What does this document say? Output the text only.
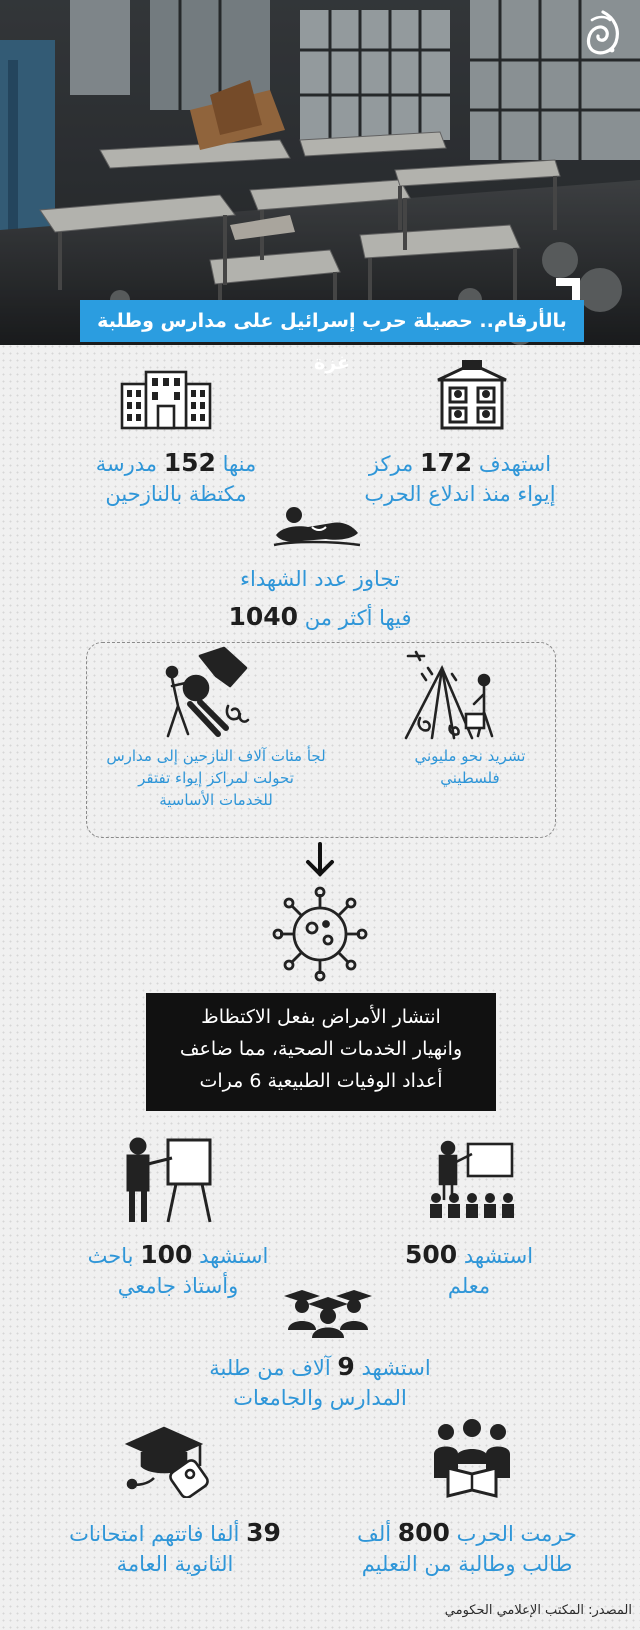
بالأرقام.. حصيلة حرب إسرائيل على مدارس وطلبة غزة
استهدف 172 مركز
إيواء منذ اندلاع الحرب
منها 152 مدرسة
مكتظة بالنازحين
تجاوز عدد الشهداء
فيها أكثر من 1040
تشريد نحو مليوني
فلسطيني
لجأ مئات آلاف النازحين إلى مدارس
تحولت لمراكز إيواء تفتقر
للخدمات الأساسية
انتشار الأمراض بفعل الاكتظاظ
وانهيار الخدمات الصحية، مما ضاعف
أعداد الوفيات الطبيعية 6 مرات
استشهد 500
معلم
استشهد 100 باحث
وأستاذ جامعي
استشهد 9 آلاف من طلبة
المدارس والجامعات
حرمت الحرب 800 ألف
طالب وطالبة من التعليم
39 ألفا فاتتهم امتحانات
الثانوية العامة
المصدر: المكتب الإعلامي الحكومي
